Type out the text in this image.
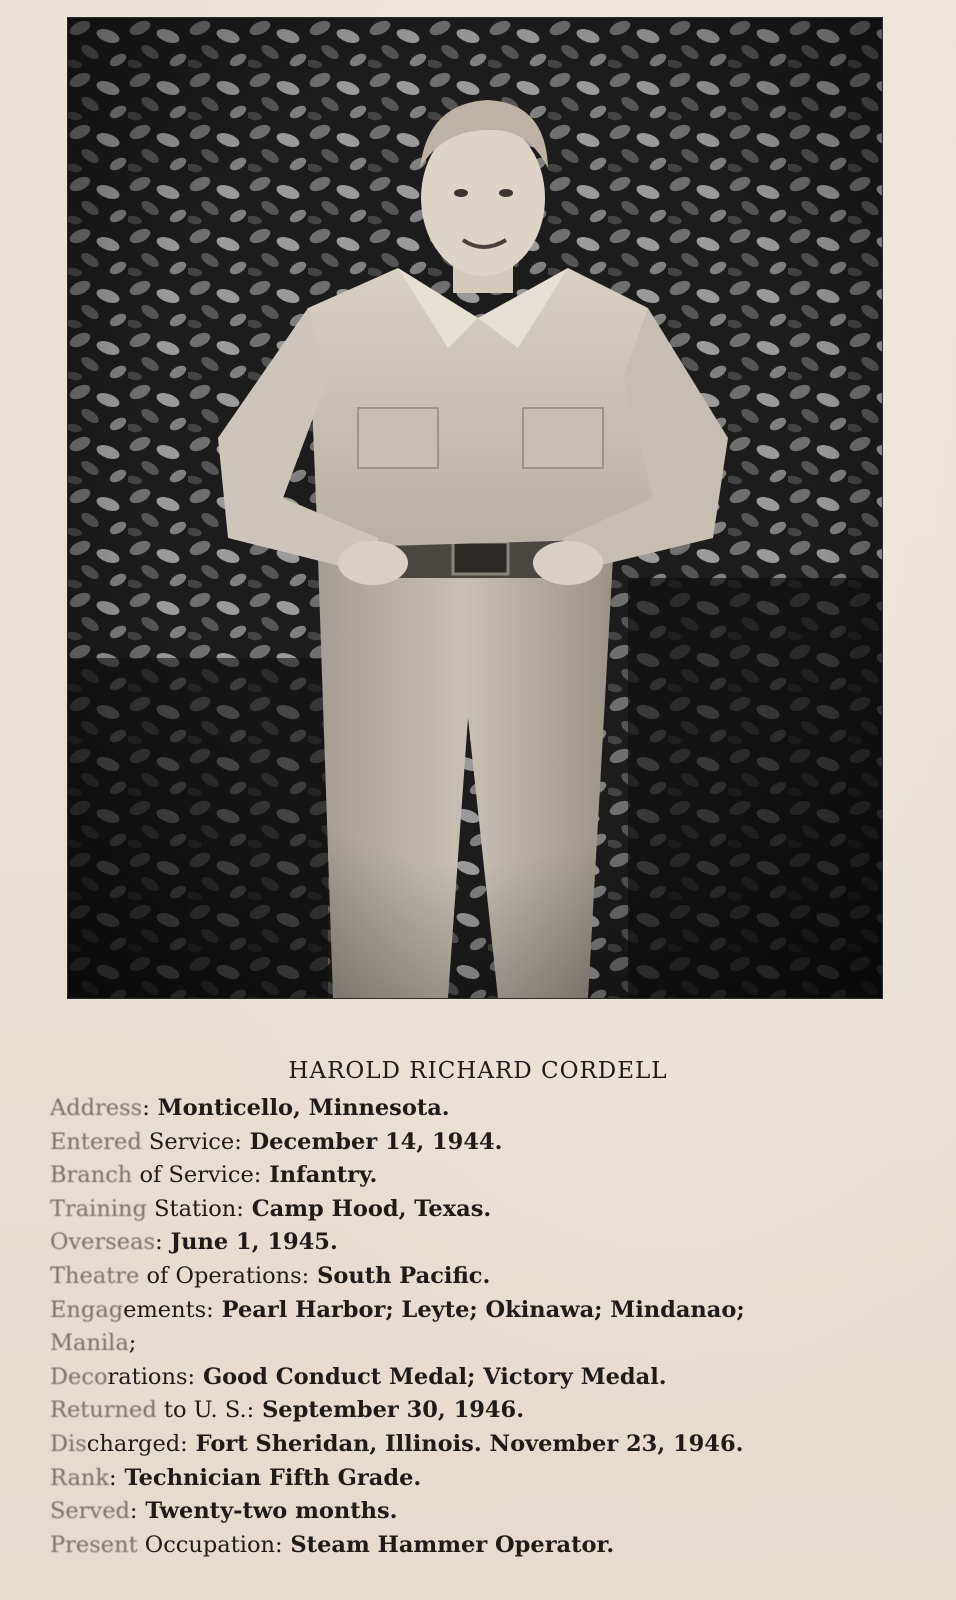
HAROLD RICHARD CORDELL
Address: Monticello, Minnesota.
Entered Service: December 14, 1944.
Branch of Service: Infantry.
Training Station: Camp Hood, Texas.
Overseas: June 1, 1945.
Theatre of Operations: South Pacific.
Engagements: Pearl Harbor; Leyte; Okinawa; Mindanao;
Manila;
Decorations: Good Conduct Medal; Victory Medal.
Returned to U. S.: September 30, 1946.
Discharged: Fort Sheridan, Illinois. November 23, 1946.
Rank: Technician Fifth Grade.
Served: Twenty-two months.
Present Occupation: Steam Hammer Operator.
